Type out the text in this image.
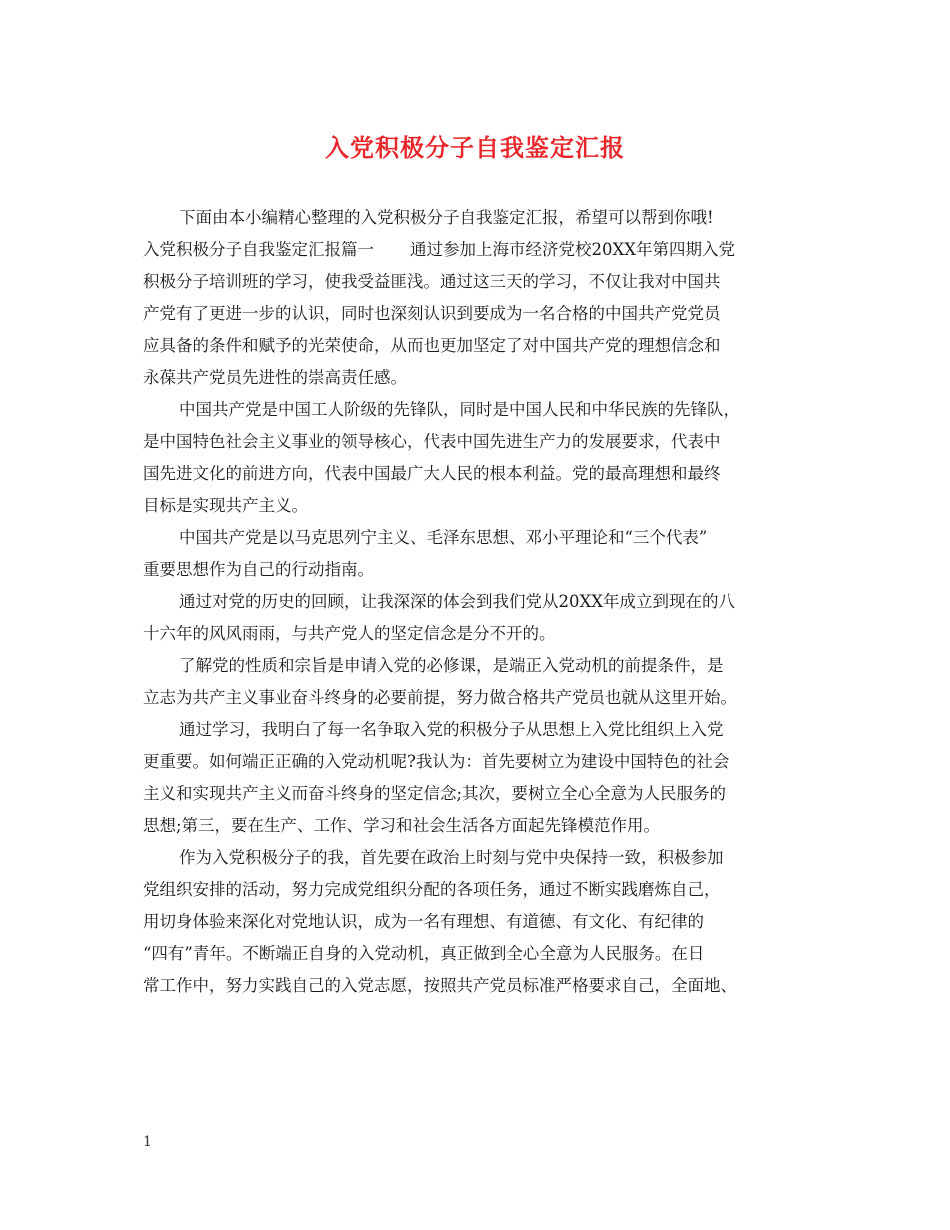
入党积极分子自我鉴定汇报
下面由本小编精心整理的入党积极分子自我鉴定汇报，希望可以帮到你哦!
入党积极分子自我鉴定汇报篇一 通过参加上海市经济党校20XX年第四期入党
积极分子培训班的学习，使我受益匪浅。通过这三天的学习，不仅让我对中国共
产党有了更进一步的认识，同时也深刻认识到要成为一名合格的中国共产党党员
应具备的条件和赋予的光荣使命，从而也更加坚定了对中国共产党的理想信念和
永葆共产党员先进性的崇高责任感。
中国共产党是中国工人阶级的先锋队，同时是中国人民和中华民族的先锋队，
是中国特色社会主义事业的领导核心，代表中国先进生产力的发展要求，代表中
国先进文化的前进方向，代表中国最广大人民的根本利益。党的最高理想和最终
目标是实现共产主义。
中国共产党是以马克思列宁主义、毛泽东思想、邓小平理论和“三个代表”
重要思想作为自己的行动指南。
通过对党的历史的回顾，让我深深的体会到我们党从20XX年成立到现在的八
十六年的风风雨雨，与共产党人的坚定信念是分不开的。
了解党的性质和宗旨是申请入党的必修课，是端正入党动机的前提条件，是
立志为共产主义事业奋斗终身的必要前提，努力做合格共产党员也就从这里开始。
通过学习，我明白了每一名争取入党的积极分子从思想上入党比组织上入党
更重要。如何端正正确的入党动机呢?我认为：首先要树立为建设中国特色的社会
主义和实现共产主义而奋斗终身的坚定信念;其次，要树立全心全意为人民服务的
思想;第三，要在生产、工作、学习和社会生活各方面起先锋模范作用。
作为入党积极分子的我，首先要在政治上时刻与党中央保持一致，积极参加
党组织安排的活动，努力完成党组织分配的各项任务，通过不断实践磨炼自己，
用切身体验来深化对党地认识，成为一名有理想、有道德、有文化、有纪律的
“四有”青年。不断端正自身的入党动机，真正做到全心全意为人民服务。在日
常工作中，努力实践自己的入党志愿，按照共产党员标准严格要求自己，全面地、
1
